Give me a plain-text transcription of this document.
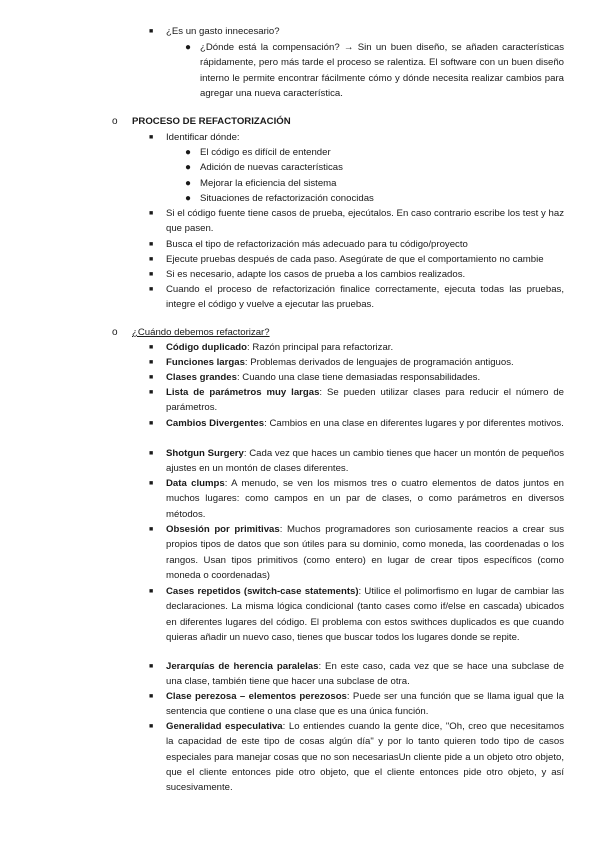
■ ¿Es un gasto innecesario?
● ¿Dónde está la compensación? → Sin un buen diseño, se añaden características rápidamente, pero más tarde el proceso se ralentiza. El software con un buen diseño interno le permite encontrar fácilmente cómo y dónde necesita realizar cambios para agregar una nueva característica.
o PROCESO DE REFACTORIZACIÓN
■ Identificar dónde:
● El código es difícil de entender
● Adición de nuevas características
● Mejorar la eficiencia del sistema
● Situaciones de refactorización conocidas
■ Si el código fuente tiene casos de prueba, ejecútalos. En caso contrario escribe los test y haz que pasen.
■ Busca el tipo de refactorización más adecuado para tu código/proyecto
■ Ejecute pruebas después de cada paso. Asegúrate de que el comportamiento no cambie
■ Si es necesario, adapte los casos de prueba a los cambios realizados.
■ Cuando el proceso de refactorización finalice correctamente, ejecuta todas las pruebas, integre el código y vuelve a ejecutar las pruebas.
o ¿Cuándo debemos refactorizar?
■ Código duplicado: Razón principal para refactorizar.
■ Funciones largas: Problemas derivados de lenguajes de programación antiguos.
■ Clases grandes: Cuando una clase tiene demasiadas responsabilidades.
■ Lista de parámetros muy largas: Se pueden utilizar clases para reducir el número de parámetros.
■ Cambios Divergentes: Cambios en una clase en diferentes lugares y por diferentes motivos.
■ Shotgun Surgery: Cada vez que haces un cambio tienes que hacer un montón de pequeños ajustes en un montón de clases diferentes.
■ Data clumps: A menudo, se ven los mismos tres o cuatro elementos de datos juntos en muchos lugares: como campos en un par de clases, o como parámetros en diversos métodos.
■ Obsesión por primitivas: Muchos programadores son curiosamente reacios a crear sus propios tipos de datos que son útiles para su dominio, como moneda, las coordenadas o los rangos. Usan tipos primitivos (como entero) en lugar de crear tipos específicos (como moneda o coordenadas)
■ Cases repetidos (switch-case statements): Utilice el polimorfismo en lugar de cambiar las declaraciones. La misma lógica condicional (tanto cases como if/else en cascada) ubicados en diferentes lugares del código. El problema con estos swithces duplicados es que cuando quieras añadir un nuevo caso, tienes que buscar todos los lugares donde se repite.
■ Jerarquías de herencia paralelas: En este caso, cada vez que se hace una subclase de una clase, también tiene que hacer una subclase de otra.
■ Clase perezosa – elementos perezosos: Puede ser una función que se llama igual que la sentencia que contiene o una clase que es una única función.
■ Generalidad especulativa: Lo entiendes cuando la gente dice, "Oh, creo que necesitamos la capacidad de este tipo de cosas algún día" y por lo tanto quieren todo tipo de casos especiales para manejar cosas que no son necesariasUn cliente pide a un objeto otro objeto, que el cliente entonces pide otro objeto, que el cliente entonces pide otro objeto, y así sucesivamente.
